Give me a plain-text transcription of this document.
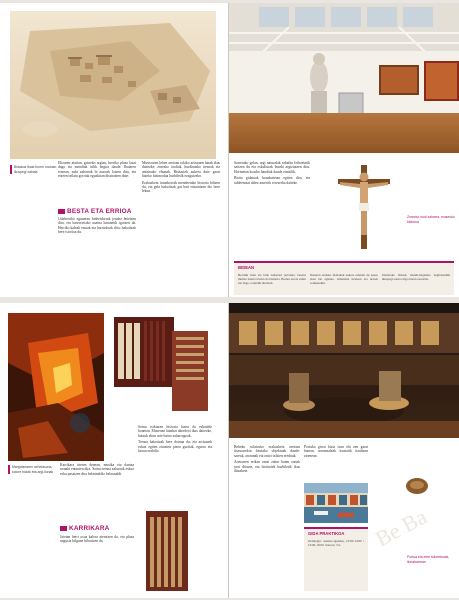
Bidasoa ibaia Ituren ondoan, ikuspegi zabala
BESTA ETA ERRIOA

Elizaren atarian, goizeko argian, herriko plaza lasai dago eta mendiak isilik begira daude. Ibaiaren ertzean, zubi zaharrak bi auzoak lotzen ditu, eta etxeen teilatu gorriak eguzkitan distiratzen dute.

Udaberriko egunetan bidezidorrak jendez betetzen dira, eta baserrietako usaina haranetik igotzen da. Herriko kaleak estuak eta harrizkoak dira; bakoitzak bere istorioa du.

Museoaren lehen aretoan tokiko artisauen lanak ikus daitezke: zurezko irudiak, burdinazko tresnak eta antzinako ehunak. Bisitariek aukera dute garai bateko bizimodua hurbiletik ezagutzeko.

Erakusketa iraunkorrak mendeetako historia biltzen du, eta gela bakoitzak gai bati eskaintzen dio bere lekua.

Sarrerako gelan, argi naturalak sabaiko leihoetatik sartzen du eta eskulturak leunki argiztatzen ditu. Hormetan koadro handiak daude zintzilik.

Bisita gidatuak larunbatetan egiten dira, eta taldeentzat aldez aurretik erreserba daiteke.

Zurezko irudi zaharra, museoko bilduma
BIDEAN
Herritik irten eta bide zaharrari jarraituz, baserri multzo batera iristen da bisitaria. Bertan errota zahar bat dago, oraindik martxan.
Ibaiaren ondoko bidexkak aukera ematen du paseo lasai bat egiteko, zuhaitzen itzalean eta uraren soinuarekin.
Itzulerako bidean, mendi-hegaleko begiratokitik ikuspegi ederra dago haran osorantz.
Margolanaren xehetasuna, kolore biziak eta argi-ilunak

Karrikara irteten denean, musika eta dantza nonahi entzuten dira. Soinu-tresna zaharrak eskuz esku pasatzen dira belaunaldiz belaunaldi.

KARRIKARA

Jaietan herri osoa kalera ateratzen da, eta plaza nagusia bilgune bihurtzen da.

Soinu txikiaren historia luzea da eskualde honetan. Museoan hainbat akordeoi ikus daitezke, batzuk ehun urte baino zaharragoak.

Tresna bakoitzak bere doinua du, eta artisauek eskuz egiten zituzten pieza guztiak, egurra eta larrua erabiliz.

Beheko solairuko erakusketa aretoan itsasoarekin lotutako objektuak daude: sareak, arraunak eta ontzi txikien ereduak.

Aretoaren erdian ontzi zahar baten zatiak jarri dituzte, eta bisitariek hurbiletik ikus ditzakete.

Portuko giroa bizia izan ohi zen garai batean, arrantzaleak itsasotik itzultzen zirenean.

GIDA PRAKTIKOA
Ordutegia: astearte-igandea, 10:00-14:00 / 16:00-19:00. Sarrera: 3 €.	Be Ba
Portua eta etxe koloretsuak, ilunabarrean
